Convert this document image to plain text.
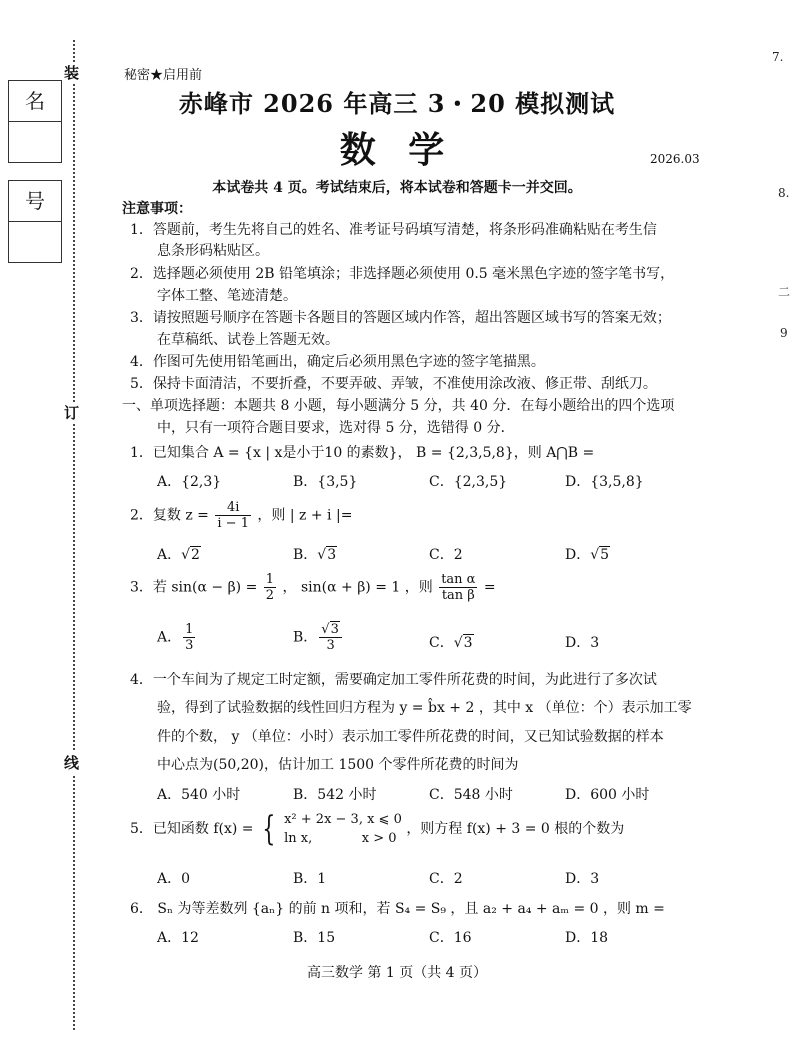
装
订
线
名
号
秘密★启用前
赤峰市 2026 年高三 3・20 模拟测试
数 学	2026.03
本试卷共 4 页。考试结束后，将本试卷和答题卡一并交回。
注意事项：
1．答题前，考生先将自己的姓名、准考证号码填写清楚，将条形码准确粘贴在考生信
息条形码粘贴区。
2．选择题必须使用 2B 铅笔填涂；非选择题必须使用 0.5 毫米黑色字迹的签字笔书写，
字体工整、笔迹清楚。
3．请按照题号顺序在答题卡各题目的答题区域内作答，超出答题区域书写的答案无效；
在草稿纸、试卷上答题无效。
4．作图可先使用铅笔画出，确定后必须用黑色字迹的签字笔描黑。
5．保持卡面清洁，不要折叠，不要弄破、弄皱，不准使用涂改液、修正带、刮纸刀。
一、单项选择题：本题共 8 小题，每小题满分 5 分，共 40 分．在每小题给出的四个选项
中，只有一项符合题目要求，选对得 5 分，选错得 0 分．
1．已知集合 A = {x | x是小于10 的素数}， B = {2,3,5,8}，则 A⋂B =
A．{2,3}	B．{3,5}	C．{2,3,5}	D．{3,5,8}
2．复数 $z = \frac{4i}{i - 1}$ ，则 | z + i |=
A．√2	B．√3	C．2	D．√5
3．若 $\sin(\alpha - \beta) = \frac{1}{2}$ ， sin(α + β) = 1 ，则 $\frac{\text{tan α}}{\text{tan β}}$ =
A． $\frac{1}{3}$	B． $\frac{√3}{3}$	C．√3	D．3
4．一个车间为了规定工时定额，需要确定加工零件所花费的时间，为此进行了多次试
验，得到了试验数据的线性回归方程为 y = b̂x + 2 ，其中 x （单位：个）表示加工零
件的个数， y （单位：小时）表示加工零件所花费的时间，又已知试验数据的样本
中心点为(50,20)，估计加工 1500 个零件所花费的时间为
A．540 小时	B．542 小时	C．548 小时	D．600 小时
5．已知函数 f(x) = { x² + 2x − 3, x ⩽ 0
ln x,            x > 0
，则方程 f(x) + 3 = 0 根的个数为
A．0	B．1	C．2	D．3
6． Sₙ 为等差数列 {aₙ} 的前 n 项和，若 S₄ = S₉ ，且 a₂ + a₄ + aₘ = 0 ，则 m =
A．12	B．15	C．16	D．18
高三数学 第 1 页（共 4 页）
7.
8.
二
9
